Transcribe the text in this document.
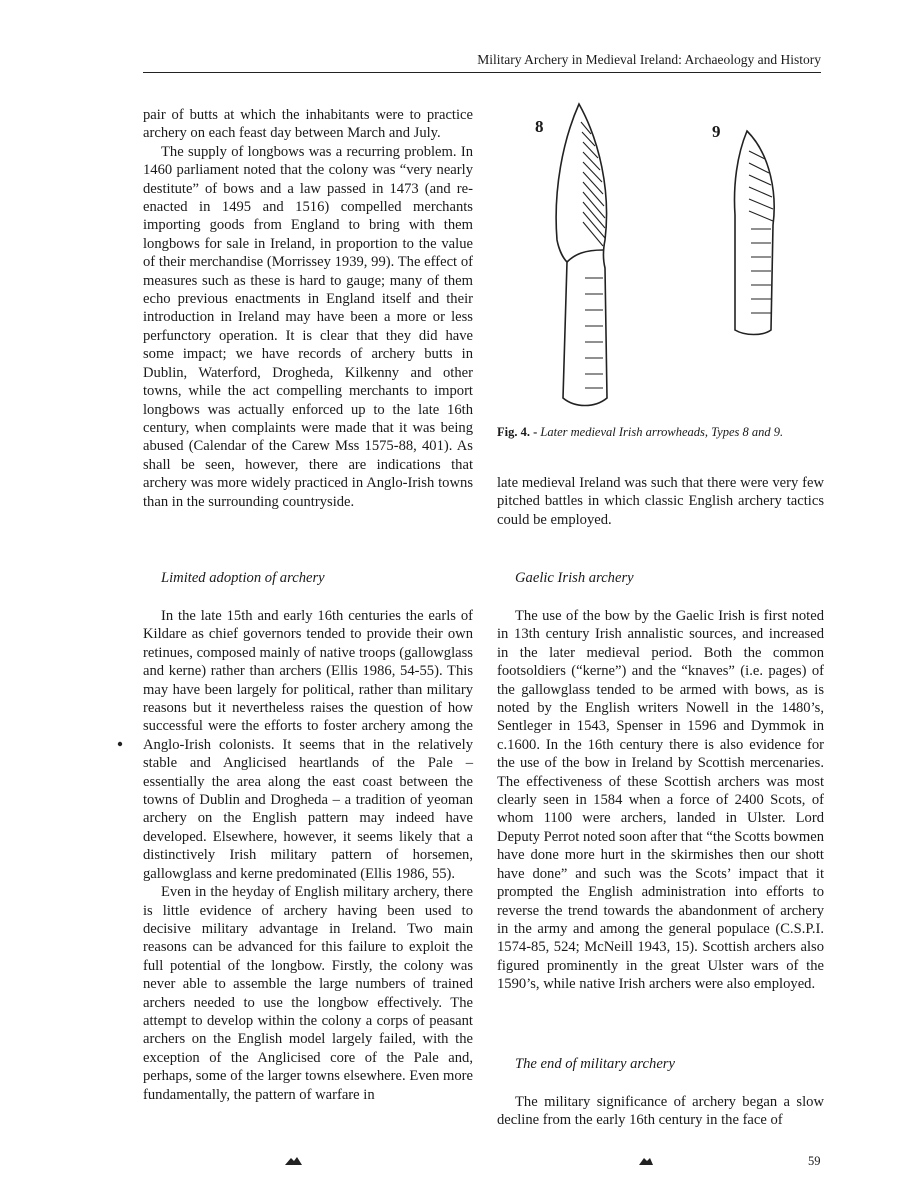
Military Archery in Medieval Ireland: Archaeology and History

pair of butts at which the inhabitants were to practice archery on each feast day between March and July.

The supply of longbows was a recurring problem. In 1460 parliament noted that the colony was “very nearly destitute” of bows and a law passed in 1473 (and re-enacted in 1495 and 1516) compelled merchants importing goods from England to bring with them longbows for sale in Ireland, in proportion to the value of their merchandise (Morrissey 1939, 99). The effect of measures such as these is hard to gauge; many of them echo previous enactments in England itself and their introduction in Ireland may have been a more or less perfunctory operation. It is clear that they did have some impact; we have records of archery butts in Dublin, Waterford, Drogheda, Kilkenny and other towns, while the act compelling merchants to import longbows was actually enforced up to the late 16th century, when complaints were made that it was being abused (Calendar of the Carew Mss 1575-88, 401). As shall be seen, however, there are indications that archery was more widely practiced in Anglo-Irish towns than in the surrounding countryside.

Limited adoption of archery

In the late 15th and early 16th centuries the earls of Kildare as chief governors tended to provide their own retinues, composed mainly of native troops (gallowglass and kerne) rather than archers (Ellis 1986, 54-55). This may have been largely for political, rather than military reasons but it nevertheless raises the question of how successful were the efforts to foster archery among the Anglo-Irish colonists. It seems that in the relatively stable and Anglicised heartlands of the Pale – essentially the area along the east coast between the towns of Dublin and Drogheda – a tradition of yeoman archery on the English pattern may indeed have developed. Elsewhere, however, it seems likely that a distinctively Irish military pattern of horsemen, gallowglass and kerne predominated (Ellis 1986, 55).

Even in the heyday of English military archery, there is little evidence of archery having been used to decisive military advantage in Ireland. Two main reasons can be advanced for this failure to exploit the full potential of the longbow. Firstly, the colony was never able to assemble the large numbers of trained archers needed to use the longbow effectively. The attempt to develop within the colony a corps of peasant archers on the English model largely failed, with the exception of the Anglicised core of the Pale and, perhaps, some of the larger towns elsewhere. Even more fundamentally, the pattern of warfare in

8	9
Fig. 4. - Later medieval Irish arrowheads, Types 8 and 9.

late medieval Ireland was such that there were very few pitched battles in which classic English archery tactics could be employed.

Gaelic Irish archery

The use of the bow by the Gaelic Irish is first noted in 13th century Irish annalistic sources, and increased in the later medieval period. Both the common footsoldiers (“kerne”) and the “knaves” (i.e. pages) of the gallowglass tended to be armed with bows, as is noted by the English writers Nowell in the 1480’s, Sentleger in 1543, Spenser in 1596 and Dymmok in c.1600. In the 16th century there is also evidence for the use of the bow in Ireland by Scottish mercenaries. The effectiveness of these Scottish archers was most clearly seen in 1584 when a force of 2400 Scots, of whom 1100 were archers, landed in Ulster. Lord Deputy Perrot noted soon after that “the Scotts bowmen have done more hurt in the skirmishes then our shott have done” and such was the Scots’ impact that it prompted the English administration into efforts to reverse the trend towards the abandonment of archery in the army and among the general populace (C.S.P.I. 1574-85, 524; McNeill 1943, 15). Scottish archers also figured prominently in the great Ulster wars of the 1590’s, while native Irish archers were also employed.

The end of military archery

The military significance of archery began a slow decline from the early 16th century in the face of

59
